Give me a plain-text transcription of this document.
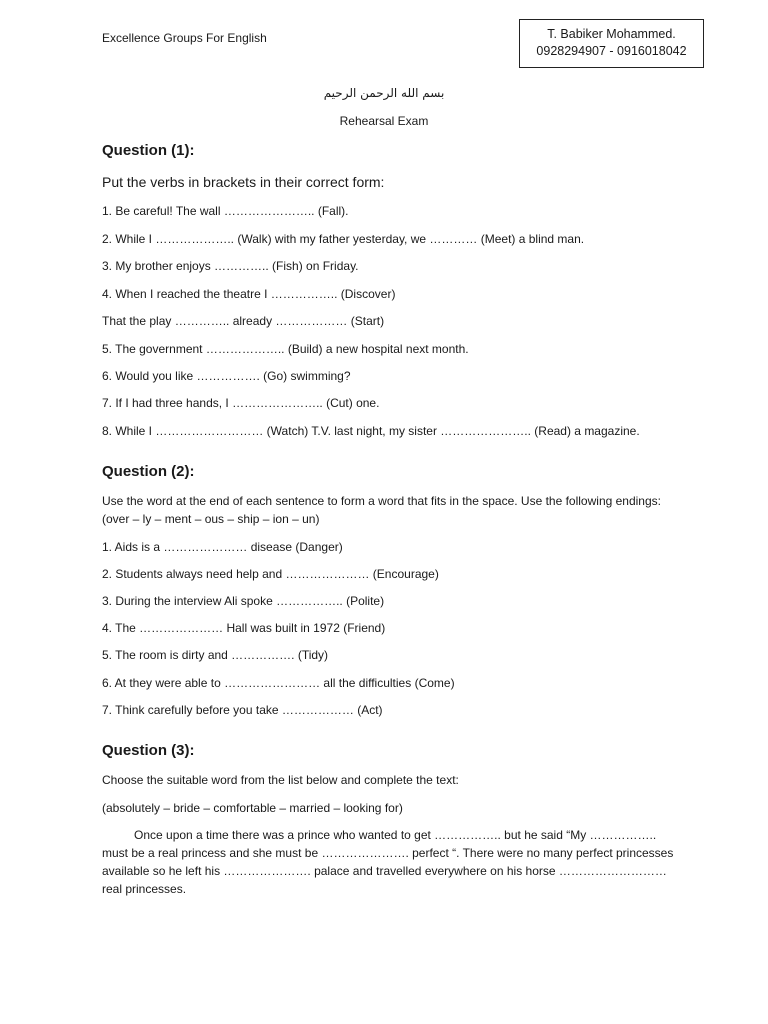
Excellence Groups For English	T. Babiker Mohammed.
0928294907 - 0916018042
بسم الله الرحمن الرحيم
Rehearsal Exam
Question (1):
Put the verbs in brackets in their correct form:
1. Be careful! The wall ………………….. (Fall).
2. While I ……………….. (Walk) with my father yesterday, we ………… (Meet) a blind man.
3. My brother enjoys ………….. (Fish) on Friday.
4. When I reached the theatre I …………….. (Discover)
That the play ………….. already ……………… (Start)
5. The government ……………….. (Build) a new hospital next month.
6. Would you like ……………. (Go) swimming?
7. If I had three hands, I ………………….. (Cut) one.
8. While I ……………………… (Watch) T.V. last night, my sister ………………….. (Read) a magazine.
Question (2):
Use the word at the end of each sentence to form a word that fits in the space. Use the following endings:
(over – ly – ment – ous – ship – ion – un)
1. Aids is a ………………… disease (Danger)
2. Students always need help and ………………… (Encourage)
3. During the interview Ali spoke …………….. (Polite)
4. The ………………… Hall was built in 1972 (Friend)
5. The room is dirty and ……………. (Tidy)
6. At they were able to …………………… all the difficulties (Come)
7. Think carefully before you take ……………… (Act)
Question (3):
Choose the suitable word from the list below and complete the text:
(absolutely – bride – comfortable – married – looking for)
Once upon a time there was a prince who wanted to get …………….. but he said “My …………….. must be a real princess and she must be …………………. perfect “. There were no many perfect princesses available so he left his …………………. palace and travelled everywhere on his horse ……………………… real princesses.
